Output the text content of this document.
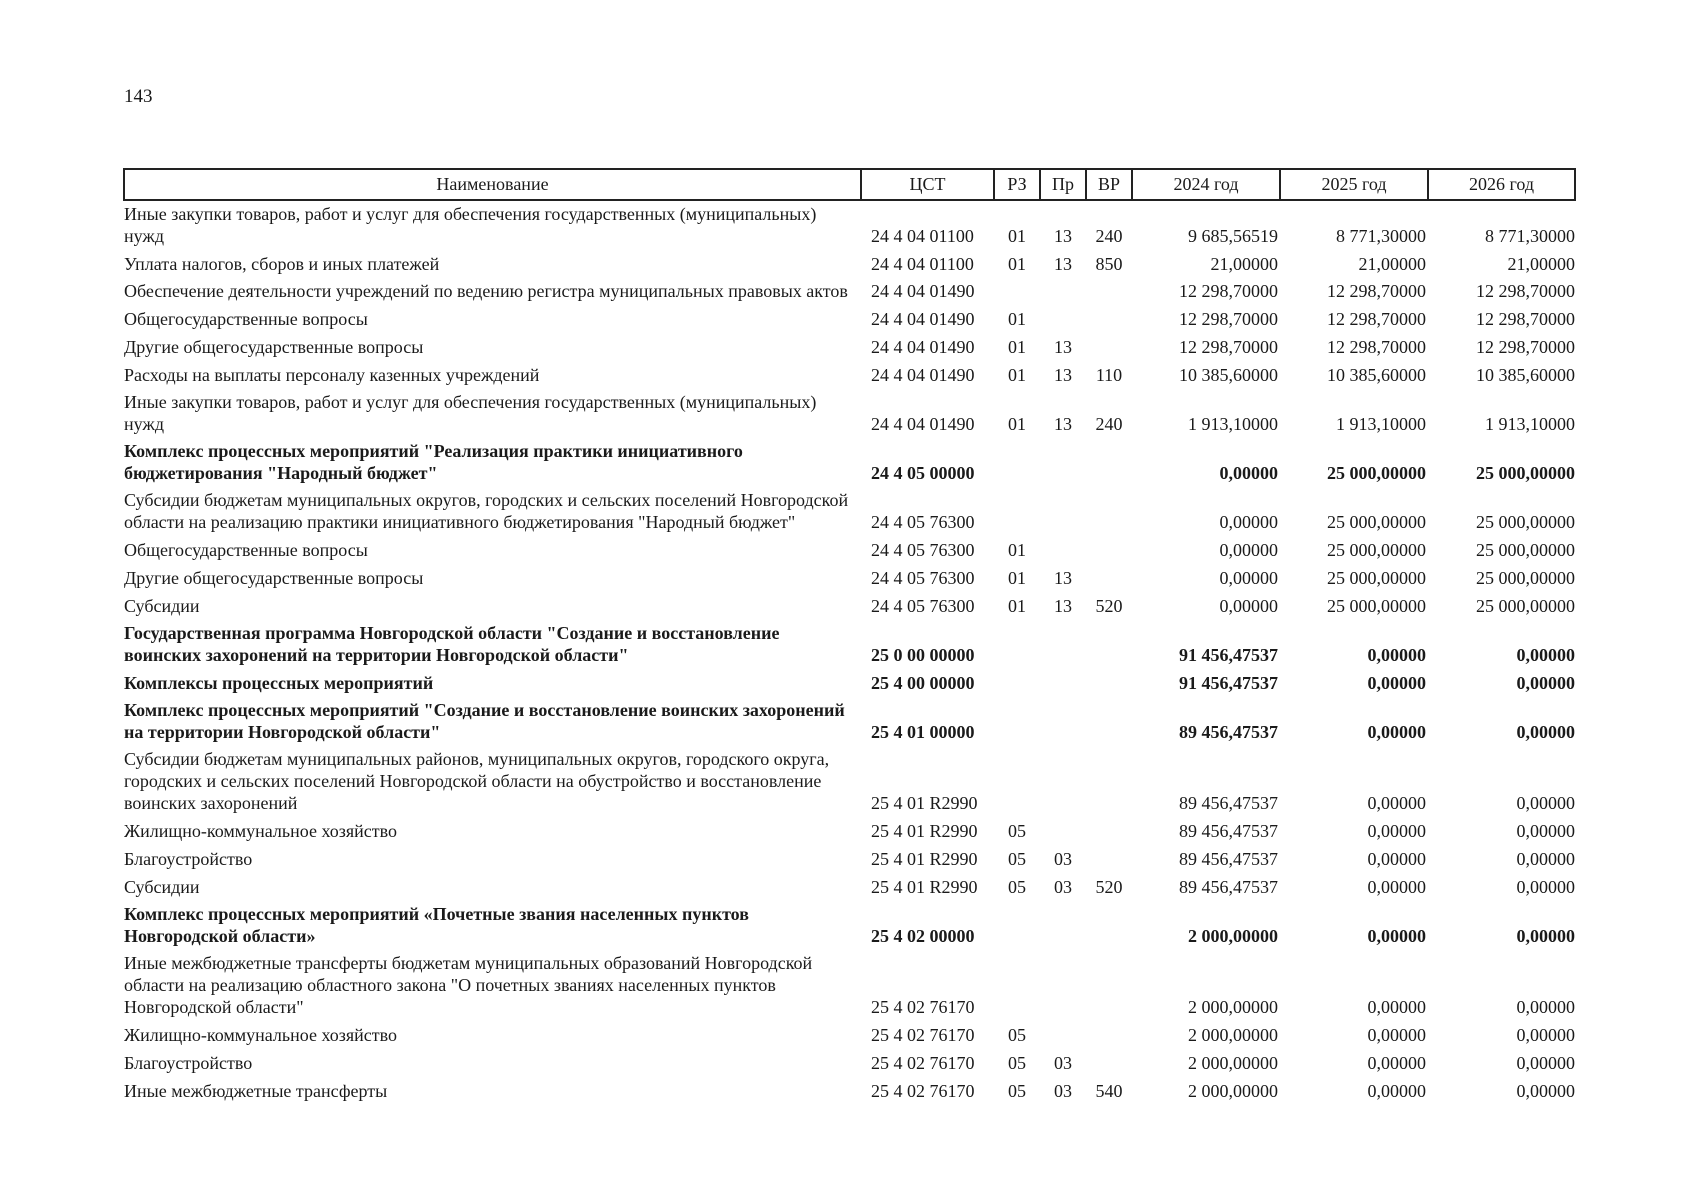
143
Наименование	ЦСТ	РЗ	Пр	ВР	2024 год	2025 год	2026 год
Иные закупки товаров, работ и услуг для обеспечения государственных (муниципальных) нужд	24 4 04 01100	01	13	240	9 685,56519	8 771,30000	8 771,30000
Уплата налогов, сборов и иных платежей	24 4 04 01100	01	13	850	21,00000	21,00000	21,00000
Обеспечение деятельности учреждений по ведению регистра муниципальных правовых актов	24 4 04 01490				12 298,70000	12 298,70000	12 298,70000
Общегосударственные вопросы	24 4 04 01490	01			12 298,70000	12 298,70000	12 298,70000
Другие общегосударственные вопросы	24 4 04 01490	01	13		12 298,70000	12 298,70000	12 298,70000
Расходы на выплаты персоналу казенных учреждений	24 4 04 01490	01	13	110	10 385,60000	10 385,60000	10 385,60000
Иные закупки товаров, работ и услуг для обеспечения государственных (муниципальных) нужд	24 4 04 01490	01	13	240	1 913,10000	1 913,10000	1 913,10000
Комплекс процессных мероприятий "Реализация практики инициативного бюджетирования "Народный бюджет"	24 4 05 00000				0,00000	25 000,00000	25 000,00000
Субсидии бюджетам муниципальных округов, городских и сельских поселений Новгородской области на реализацию практики инициативного бюджетирования "Народный бюджет"	24 4 05 76300				0,00000	25 000,00000	25 000,00000
Общегосударственные вопросы	24 4 05 76300	01			0,00000	25 000,00000	25 000,00000
Другие общегосударственные вопросы	24 4 05 76300	01	13		0,00000	25 000,00000	25 000,00000
Субсидии	24 4 05 76300	01	13	520	0,00000	25 000,00000	25 000,00000
Государственная программа Новгородской области "Создание и восстановление воинских захоронений на территории Новгородской области"	25 0 00 00000				91 456,47537	0,00000	0,00000
Комплексы процессных мероприятий	25 4 00 00000				91 456,47537	0,00000	0,00000
Комплекс процессных мероприятий "Создание и восстановление воинских захоронений на территории Новгородской области"	25 4 01 00000				89 456,47537	0,00000	0,00000
Субсидии бюджетам муниципальных районов, муниципальных округов, городского округа, городских и сельских поселений Новгородской области на обустройство и восстановление воинских захоронений	25 4 01 R2990				89 456,47537	0,00000	0,00000
Жилищно-коммунальное хозяйство	25 4 01 R2990	05			89 456,47537	0,00000	0,00000
Благоустройство	25 4 01 R2990	05	03		89 456,47537	0,00000	0,00000
Субсидии	25 4 01 R2990	05	03	520	89 456,47537	0,00000	0,00000
Комплекс процессных мероприятий «Почетные звания населенных пунктов Новгородской области»	25 4 02 00000				2 000,00000	0,00000	0,00000
Иные межбюджетные трансферты бюджетам муниципальных образований Новгородской области на реализацию областного закона "О почетных званиях населенных пунктов Новгородской области"	25 4 02 76170				2 000,00000	0,00000	0,00000
Жилищно-коммунальное хозяйство	25 4 02 76170	05			2 000,00000	0,00000	0,00000
Благоустройство	25 4 02 76170	05	03		2 000,00000	0,00000	0,00000
Иные межбюджетные трансферты	25 4 02 76170	05	03	540	2 000,00000	0,00000	0,00000
